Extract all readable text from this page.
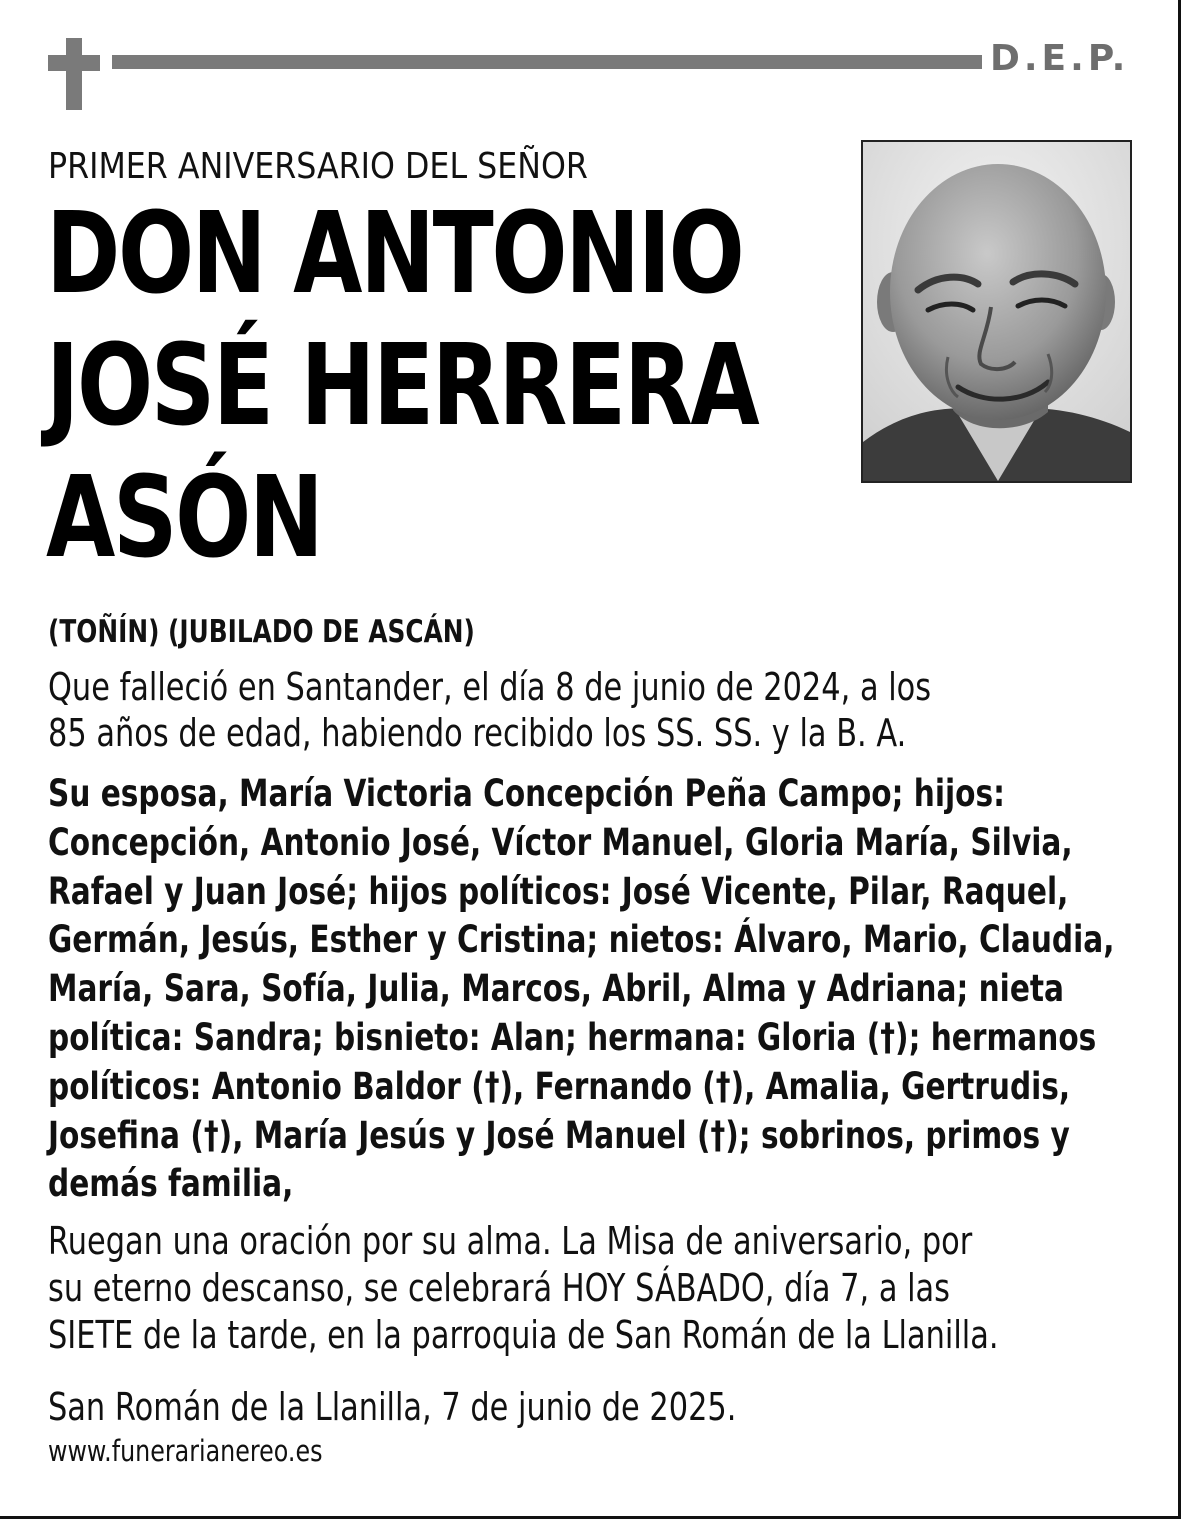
D.E.P.
PRIMER ANIVERSARIO DEL SEÑOR
DON ANTONIO
JOSÉ HERRERA
ASÓN
(TOÑÍN) (JUBILADO DE ASCÁN)
Que falleció en Santander, el día 8 de junio de 2024, a los
85 años de edad, habiendo recibido los SS. SS. y la B. A.
Su esposa, María Victoria Concepción Peña Campo; hijos:
Concepción, Antonio José, Víctor Manuel, Gloria María, Silvia,
Rafael y Juan José; hijos políticos: José Vicente, Pilar, Raquel,
Germán, Jesús, Esther y Cristina; nietos: Álvaro, Mario, Claudia,
María, Sara, Sofía, Julia, Marcos, Abril, Alma y Adriana; nieta
política: Sandra; bisnieto: Alan; hermana: Gloria (†); hermanos
políticos: Antonio Baldor (†), Fernando (†), Amalia, Gertrudis,
Josefina (†), María Jesús y José Manuel (†); sobrinos, primos y
demás familia,
Ruegan una oración por su alma. La Misa de aniversario, por
su eterno descanso, se celebrará HOY SÁBADO, día 7, a las
SIETE de la tarde, en la parroquia de San Román de la Llanilla.
San Román de la Llanilla, 7 de junio de 2025.
www.funerarianereo.es
